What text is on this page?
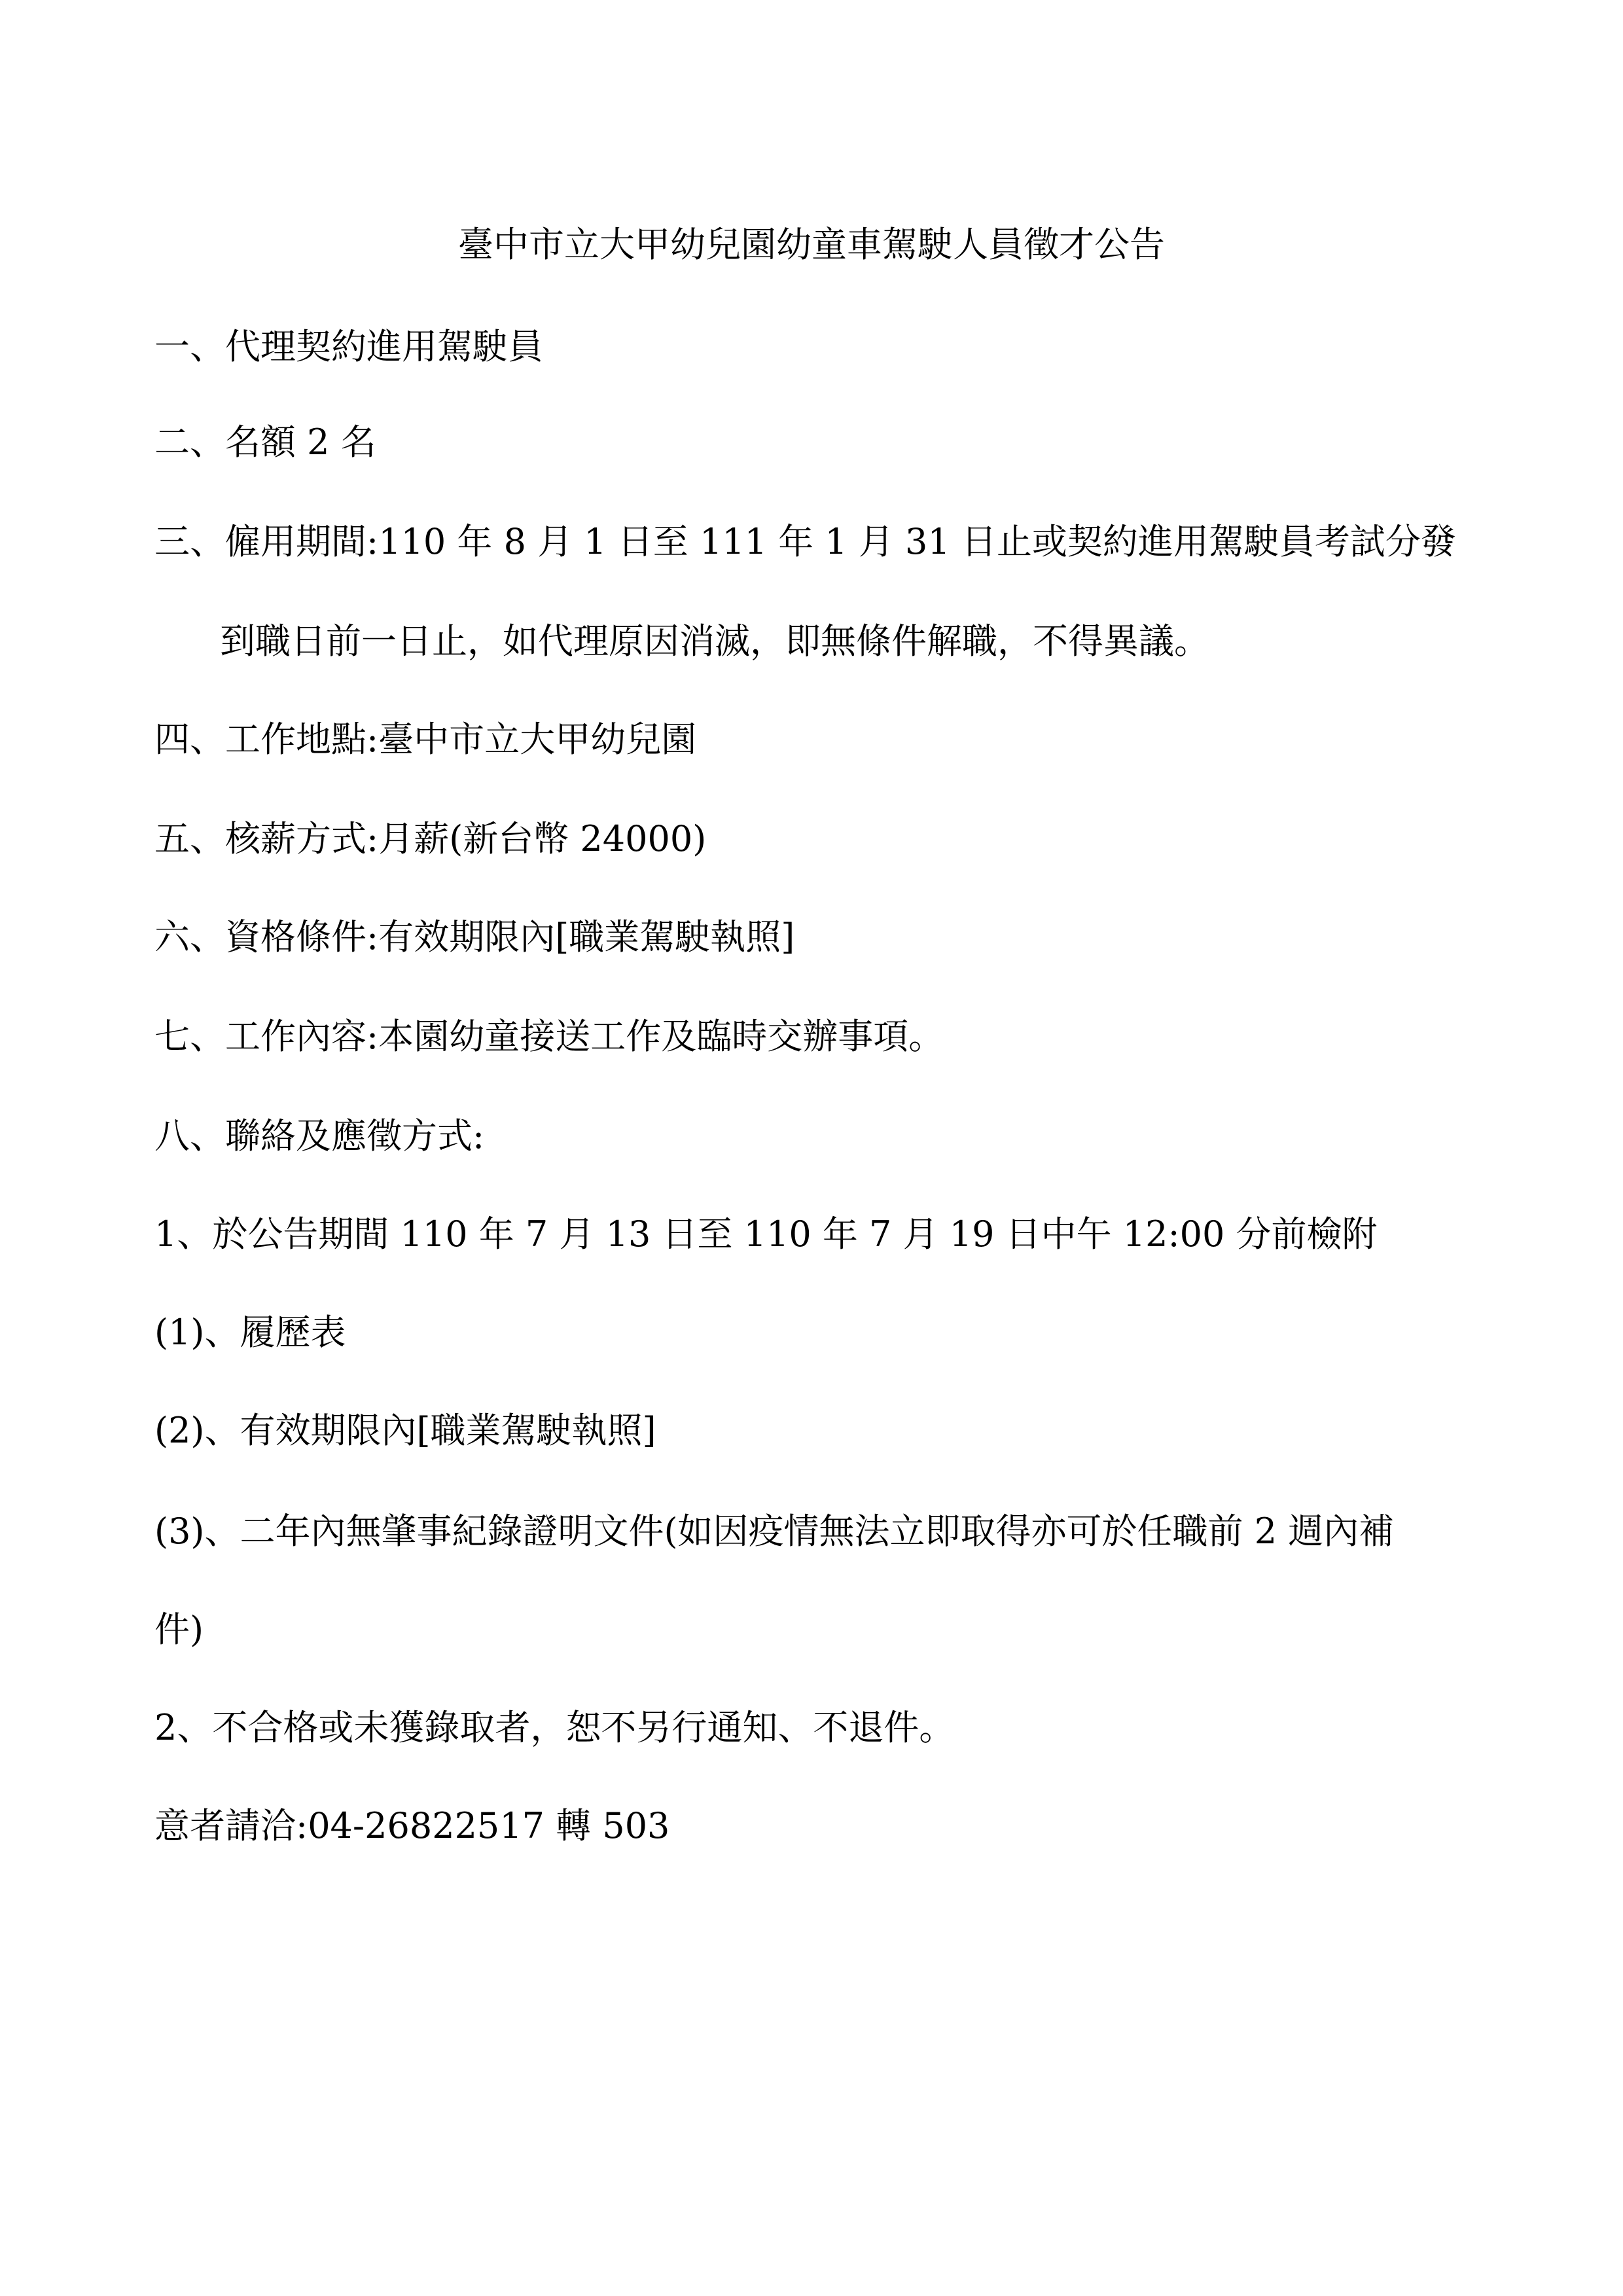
臺中市立大甲幼兒園幼童車駕駛人員徵才公告
一、代理契約進用駕駛員
二、名額 2 名
三、僱用期間:110 年 8 月 1 日至 111 年 1 月 31 日止或契約進用駕駛員考試分發
到職日前一日止，如代理原因消滅，即無條件解職，不得異議。
四、工作地點:臺中市立大甲幼兒園
五、核薪方式:月薪(新台幣 24000)
六、資格條件:有效期限內[職業駕駛執照]
七、工作內容:本園幼童接送工作及臨時交辦事項。
八、聯絡及應徵方式:
1、於公告期間 110 年 7 月 13 日至 110 年 7 月 19 日中午 12:00 分前檢附
(1)、履歷表
(2)、有效期限內[職業駕駛執照]
(3)、二年內無肇事紀錄證明文件(如因疫情無法立即取得亦可於任職前 2 週內補
件)
2、不合格或未獲錄取者，恕不另行通知、不退件。
意者請洽:04-26822517 轉 503
